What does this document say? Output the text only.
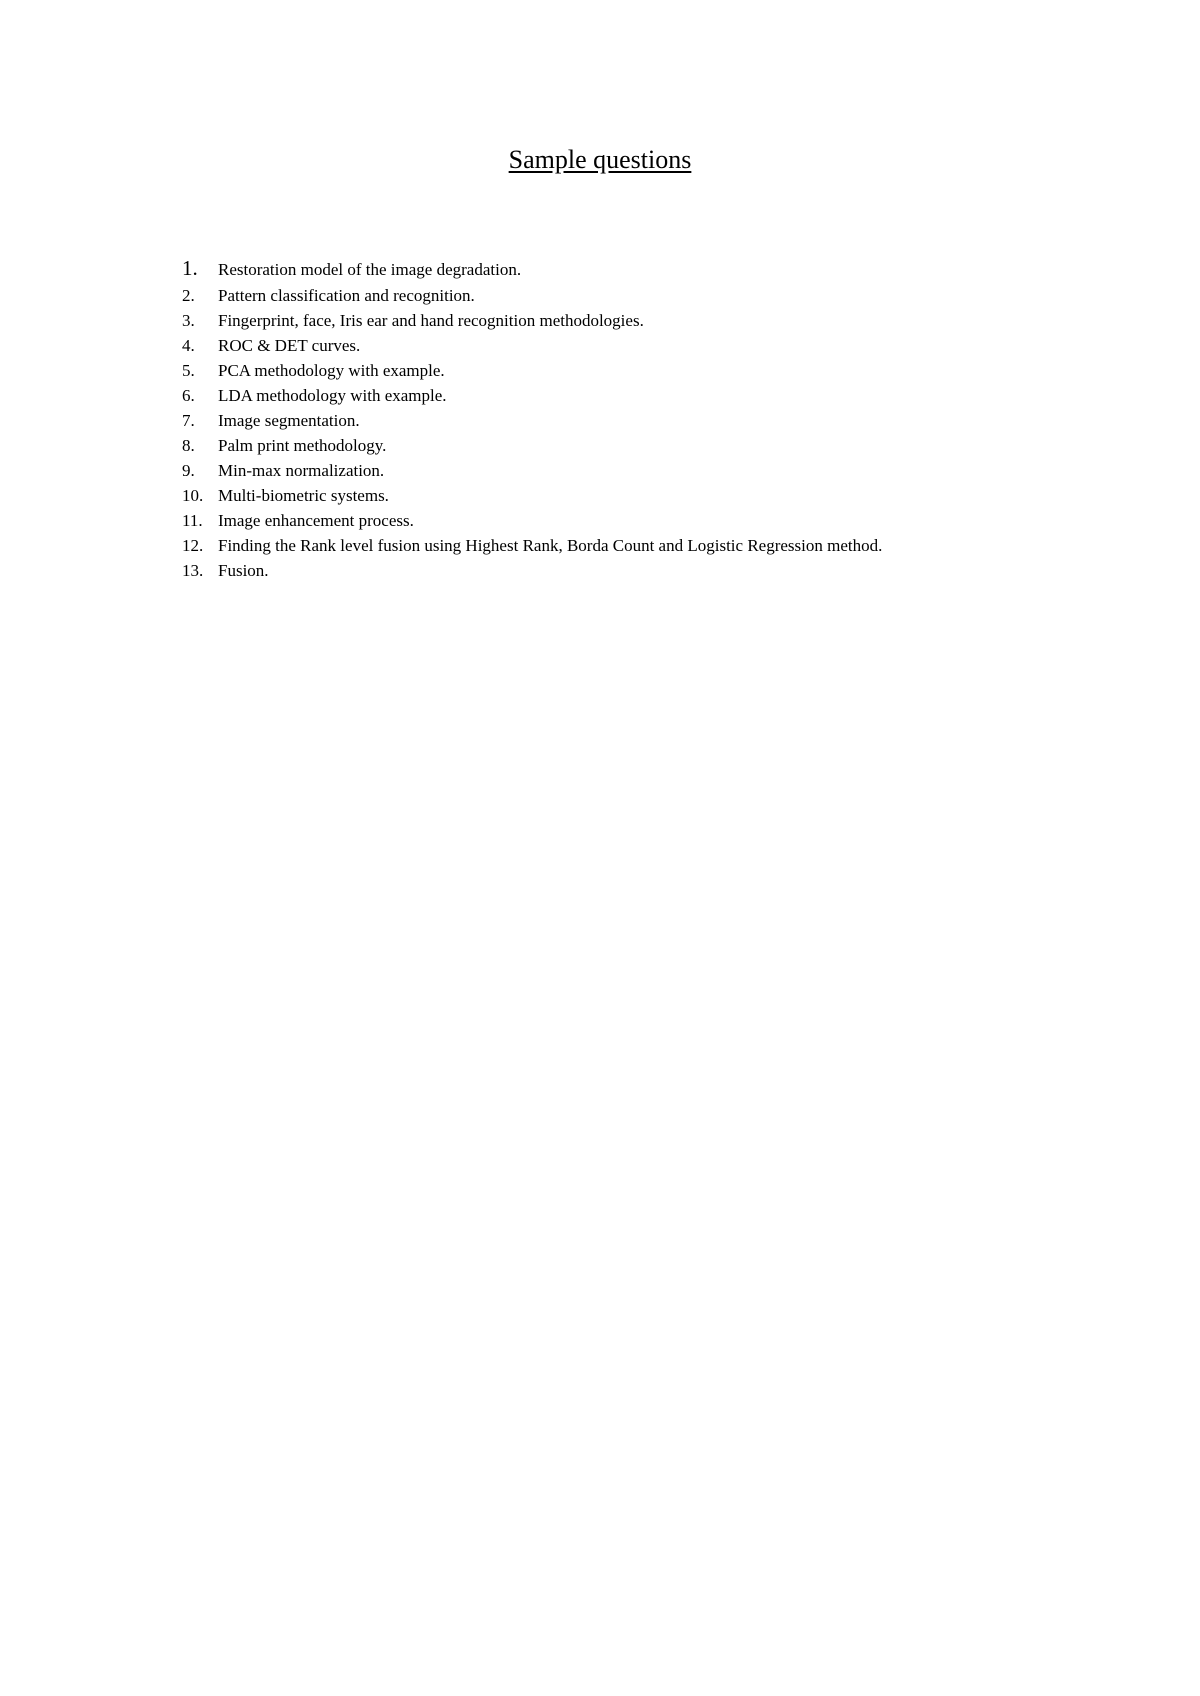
Sample questions
1.	Restoration model of the image degradation.
2.	Pattern classification and recognition.
3.	Fingerprint, face, Iris ear and hand recognition methodologies.
4.	ROC & DET curves.
5.	PCA methodology with example.
6.	LDA methodology with example.
7.	Image segmentation.
8.	Palm print methodology.
9.	Min-max normalization.
10. Multi-biometric systems.
11. Image enhancement process.
12. Finding the Rank level fusion using Highest Rank, Borda Count and Logistic Regression method.
13. Fusion.
